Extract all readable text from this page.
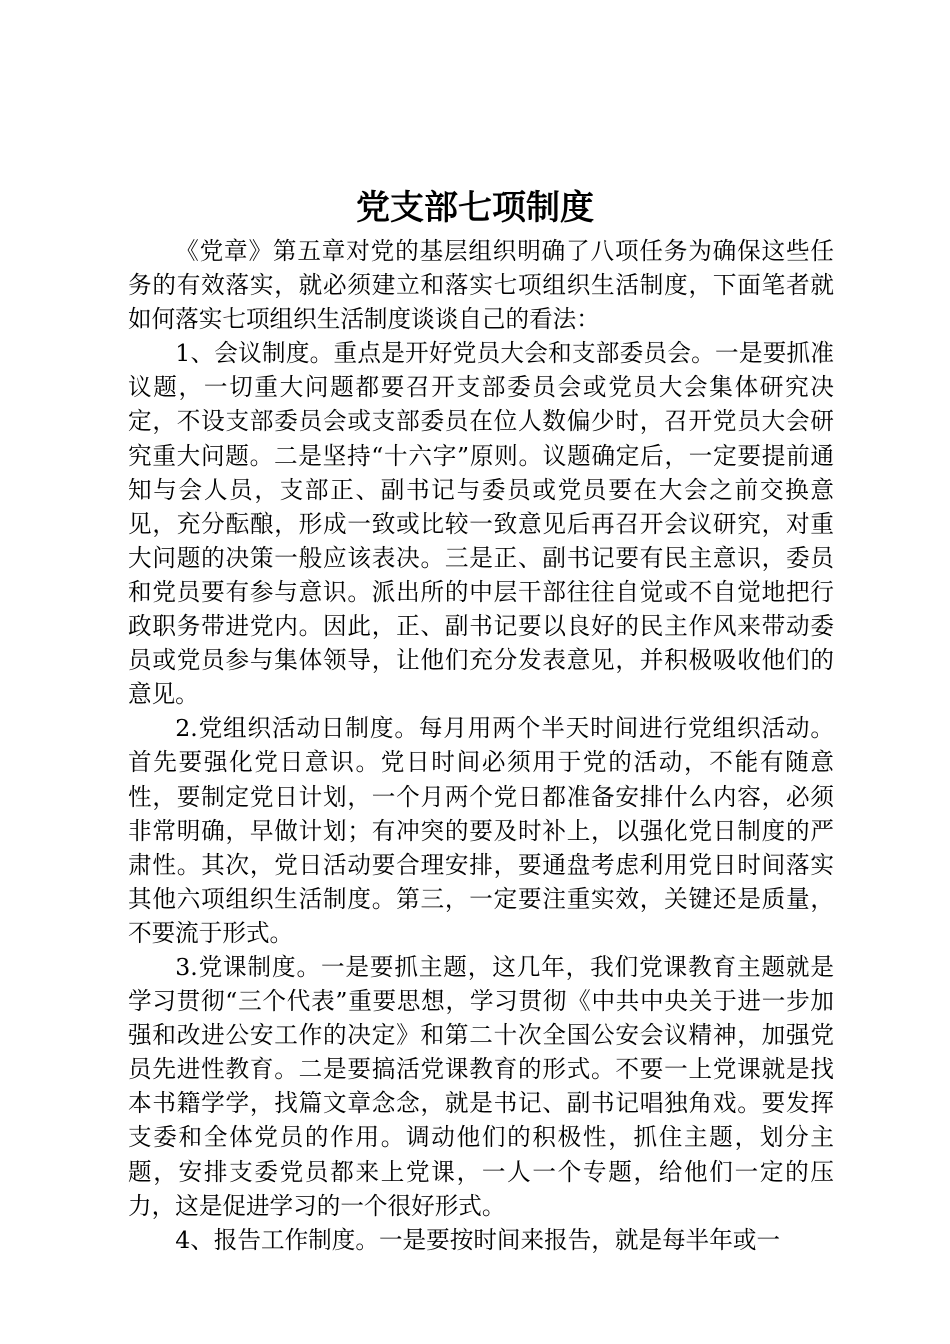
党支部七项制度

《党章》第五章对党的基层组织明确了八项任务为确保这些任务的有效落实，就必须建立和落实七项组织生活制度，下面笔者就如何落实七项组织生活制度谈谈自己的看法：

1、会议制度。重点是开好党员大会和支部委员会。一是要抓准议题，一切重大问题都要召开支部委员会或党员大会集体研究决定，不设支部委员会或支部委员在位人数偏少时，召开党员大会研究重大问题。二是坚持“十六字”原则。议题确定后，一定要提前通知与会人员，支部正、副书记与委员或党员要在大会之前交换意见，充分酝酿，形成一致或比较一致意见后再召开会议研究，对重大问题的决策一般应该表决。三是正、副书记要有民主意识，委员和党员要有参与意识。派出所的中层干部往往自觉或不自觉地把行政职务带进党内。因此，正、副书记要以良好的民主作风来带动委员或党员参与集体领导，让他们充分发表意见，并积极吸收他们的意见。

2.党组织活动日制度。每月用两个半天时间进行党组织活动。首先要强化党日意识。党日时间必须用于党的活动，不能有随意性，要制定党日计划，一个月两个党日都准备安排什么内容，必须非常明确，早做计划；有冲突的要及时补上，以强化党日制度的严肃性。其次，党日活动要合理安排，要通盘考虑利用党日时间落实其他六项组织生活制度。第三，一定要注重实效，关键还是质量，不要流于形式。

3.党课制度。一是要抓主题，这几年，我们党课教育主题就是学习贯彻“三个代表”重要思想，学习贯彻《中共中央关于进一步加强和改进公安工作的决定》和第二十次全国公安会议精神，加强党员先进性教育。二是要搞活党课教育的形式。不要一上党课就是找本书籍学学，找篇文章念念，就是书记、副书记唱独角戏。要发挥支委和全体党员的作用。调动他们的积极性，抓住主题，划分主题，安排支委党员都来上党课，一人一个专题，给他们一定的压力，这是促进学习的一个很好形式。

4、报告工作制度。一是要按时间来报告，就是每半年或一
